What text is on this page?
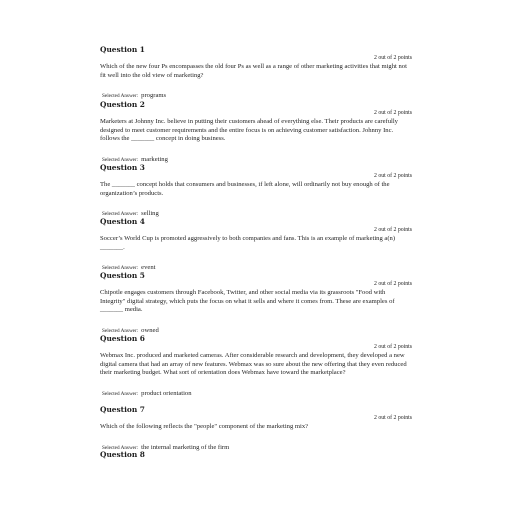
Question 1
2 out of 2 points
Which of the new four Ps encompasses the old four Ps as well as a range of other marketing activities that might not fit well into the old view of marketing?
Selected Answer: programs
Question 2
2 out of 2 points
Marketers at Johnny Inc. believe in putting their customers ahead of everything else. Their products are carefully designed to meet customer requirements and the entire focus is on achieving customer satisfaction. Johnny Inc. follows the _______ concept in doing business.
Selected Answer: marketing
Question 3
2 out of 2 points
The _______ concept holds that consumers and businesses, if left alone, will ordinarily not buy enough of the organization’s products.
Selected Answer: selling
Question 4
2 out of 2 points
Soccer’s World Cup is promoted aggressively to both companies and fans. This is an example of marketing a(n) _______.
Selected Answer: event
Question 5
2 out of 2 points
Chipotle engages customers through Facebook, Twitter, and other social media via its grassroots "Food with Integrity" digital strategy, which puts the focus on what it sells and where it comes from. These are examples of _______ media.
Selected Answer: owned
Question 6
2 out of 2 points
Webmax Inc. produced and marketed cameras. After considerable research and development, they developed a new digital camera that had an array of new features. Webmax was so sure about the new offering that they even reduced their marketing budget. What sort of orientation does Webmax have toward the marketplace?
Selected Answer: product orientation
Question 7
2 out of 2 points
Which of the following reflects the "people" component of the marketing mix?
Selected Answer: the internal marketing of the firm
Question 8
